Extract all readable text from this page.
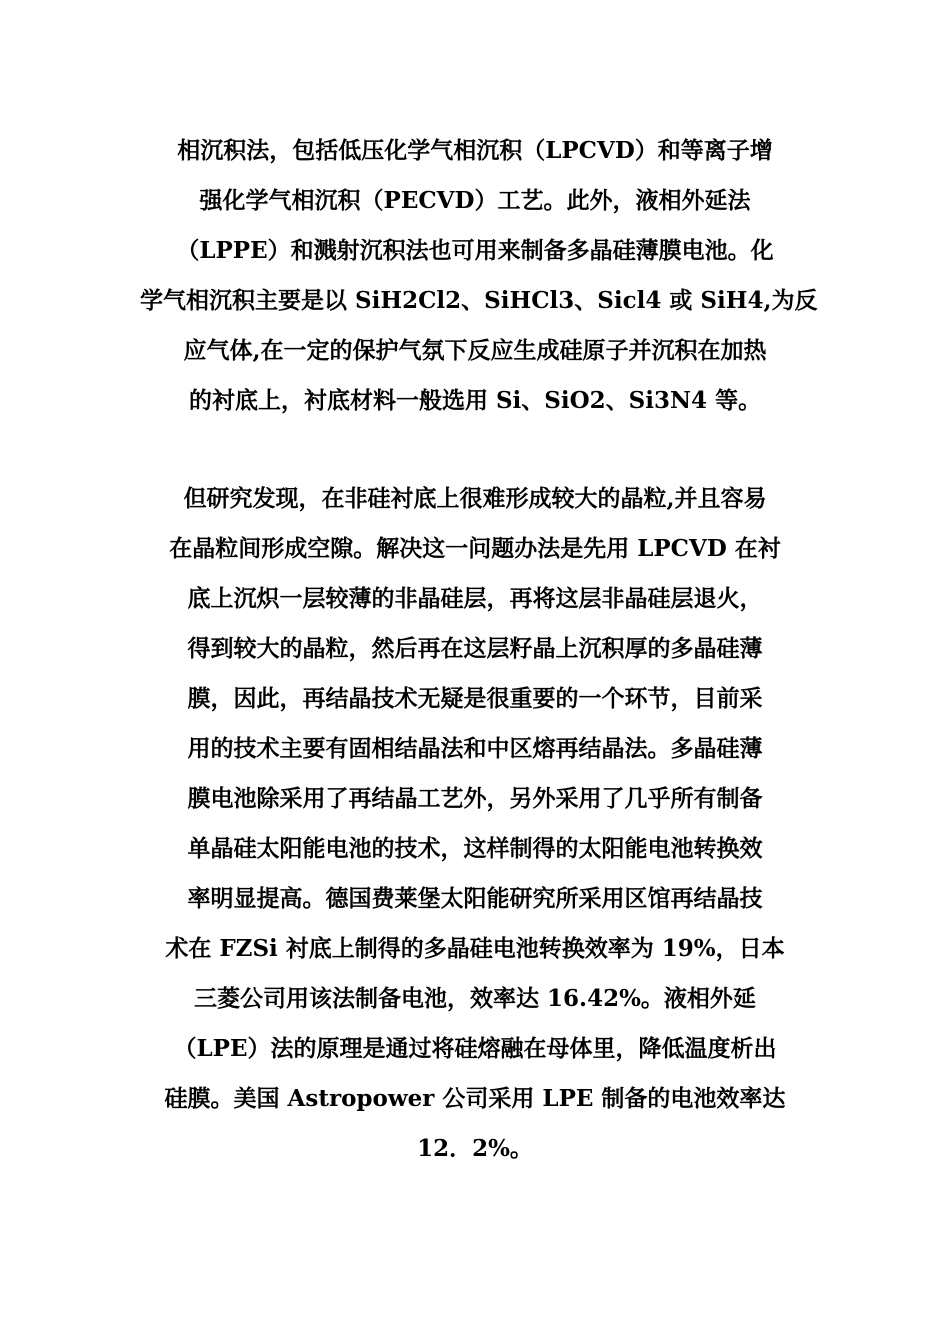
相沉积法，包括低压化学气相沉积（LPCVD）和等离子增
强化学气相沉积（PECVD）工艺。此外，液相外延法
（LPPE）和溅射沉积法也可用来制备多晶硅薄膜电池。化
学气相沉积主要是以 SiH2Cl2、SiHCl3、Sicl4 或 SiH4,为反
应气体,在一定的保护气氛下反应生成硅原子并沉积在加热
的衬底上，衬底材料一般选用 Si、SiO2、Si3N4 等。
但研究发现，在非硅衬底上很难形成较大的晶粒,并且容易
在晶粒间形成空隙。解决这一问题办法是先用 LPCVD 在衬
底上沉炽一层较薄的非晶硅层，再将这层非晶硅层退火，
得到较大的晶粒，然后再在这层籽晶上沉积厚的多晶硅薄
膜，因此，再结晶技术无疑是很重要的一个环节，目前采
用的技术主要有固相结晶法和中区熔再结晶法。多晶硅薄
膜电池除采用了再结晶工艺外，另外采用了几乎所有制备
单晶硅太阳能电池的技术，这样制得的太阳能电池转换效
率明显提高。德国费莱堡太阳能研究所采用区馆再结晶技
术在 FZSi 衬底上制得的多晶硅电池转换效率为 19%，日本
三菱公司用该法制备电池，效率达 16.42%。液相外延
（LPE）法的原理是通过将硅熔融在母体里，降低温度析出
硅膜。美国 Astropower 公司采用 LPE 制备的电池效率达
12．2%。
